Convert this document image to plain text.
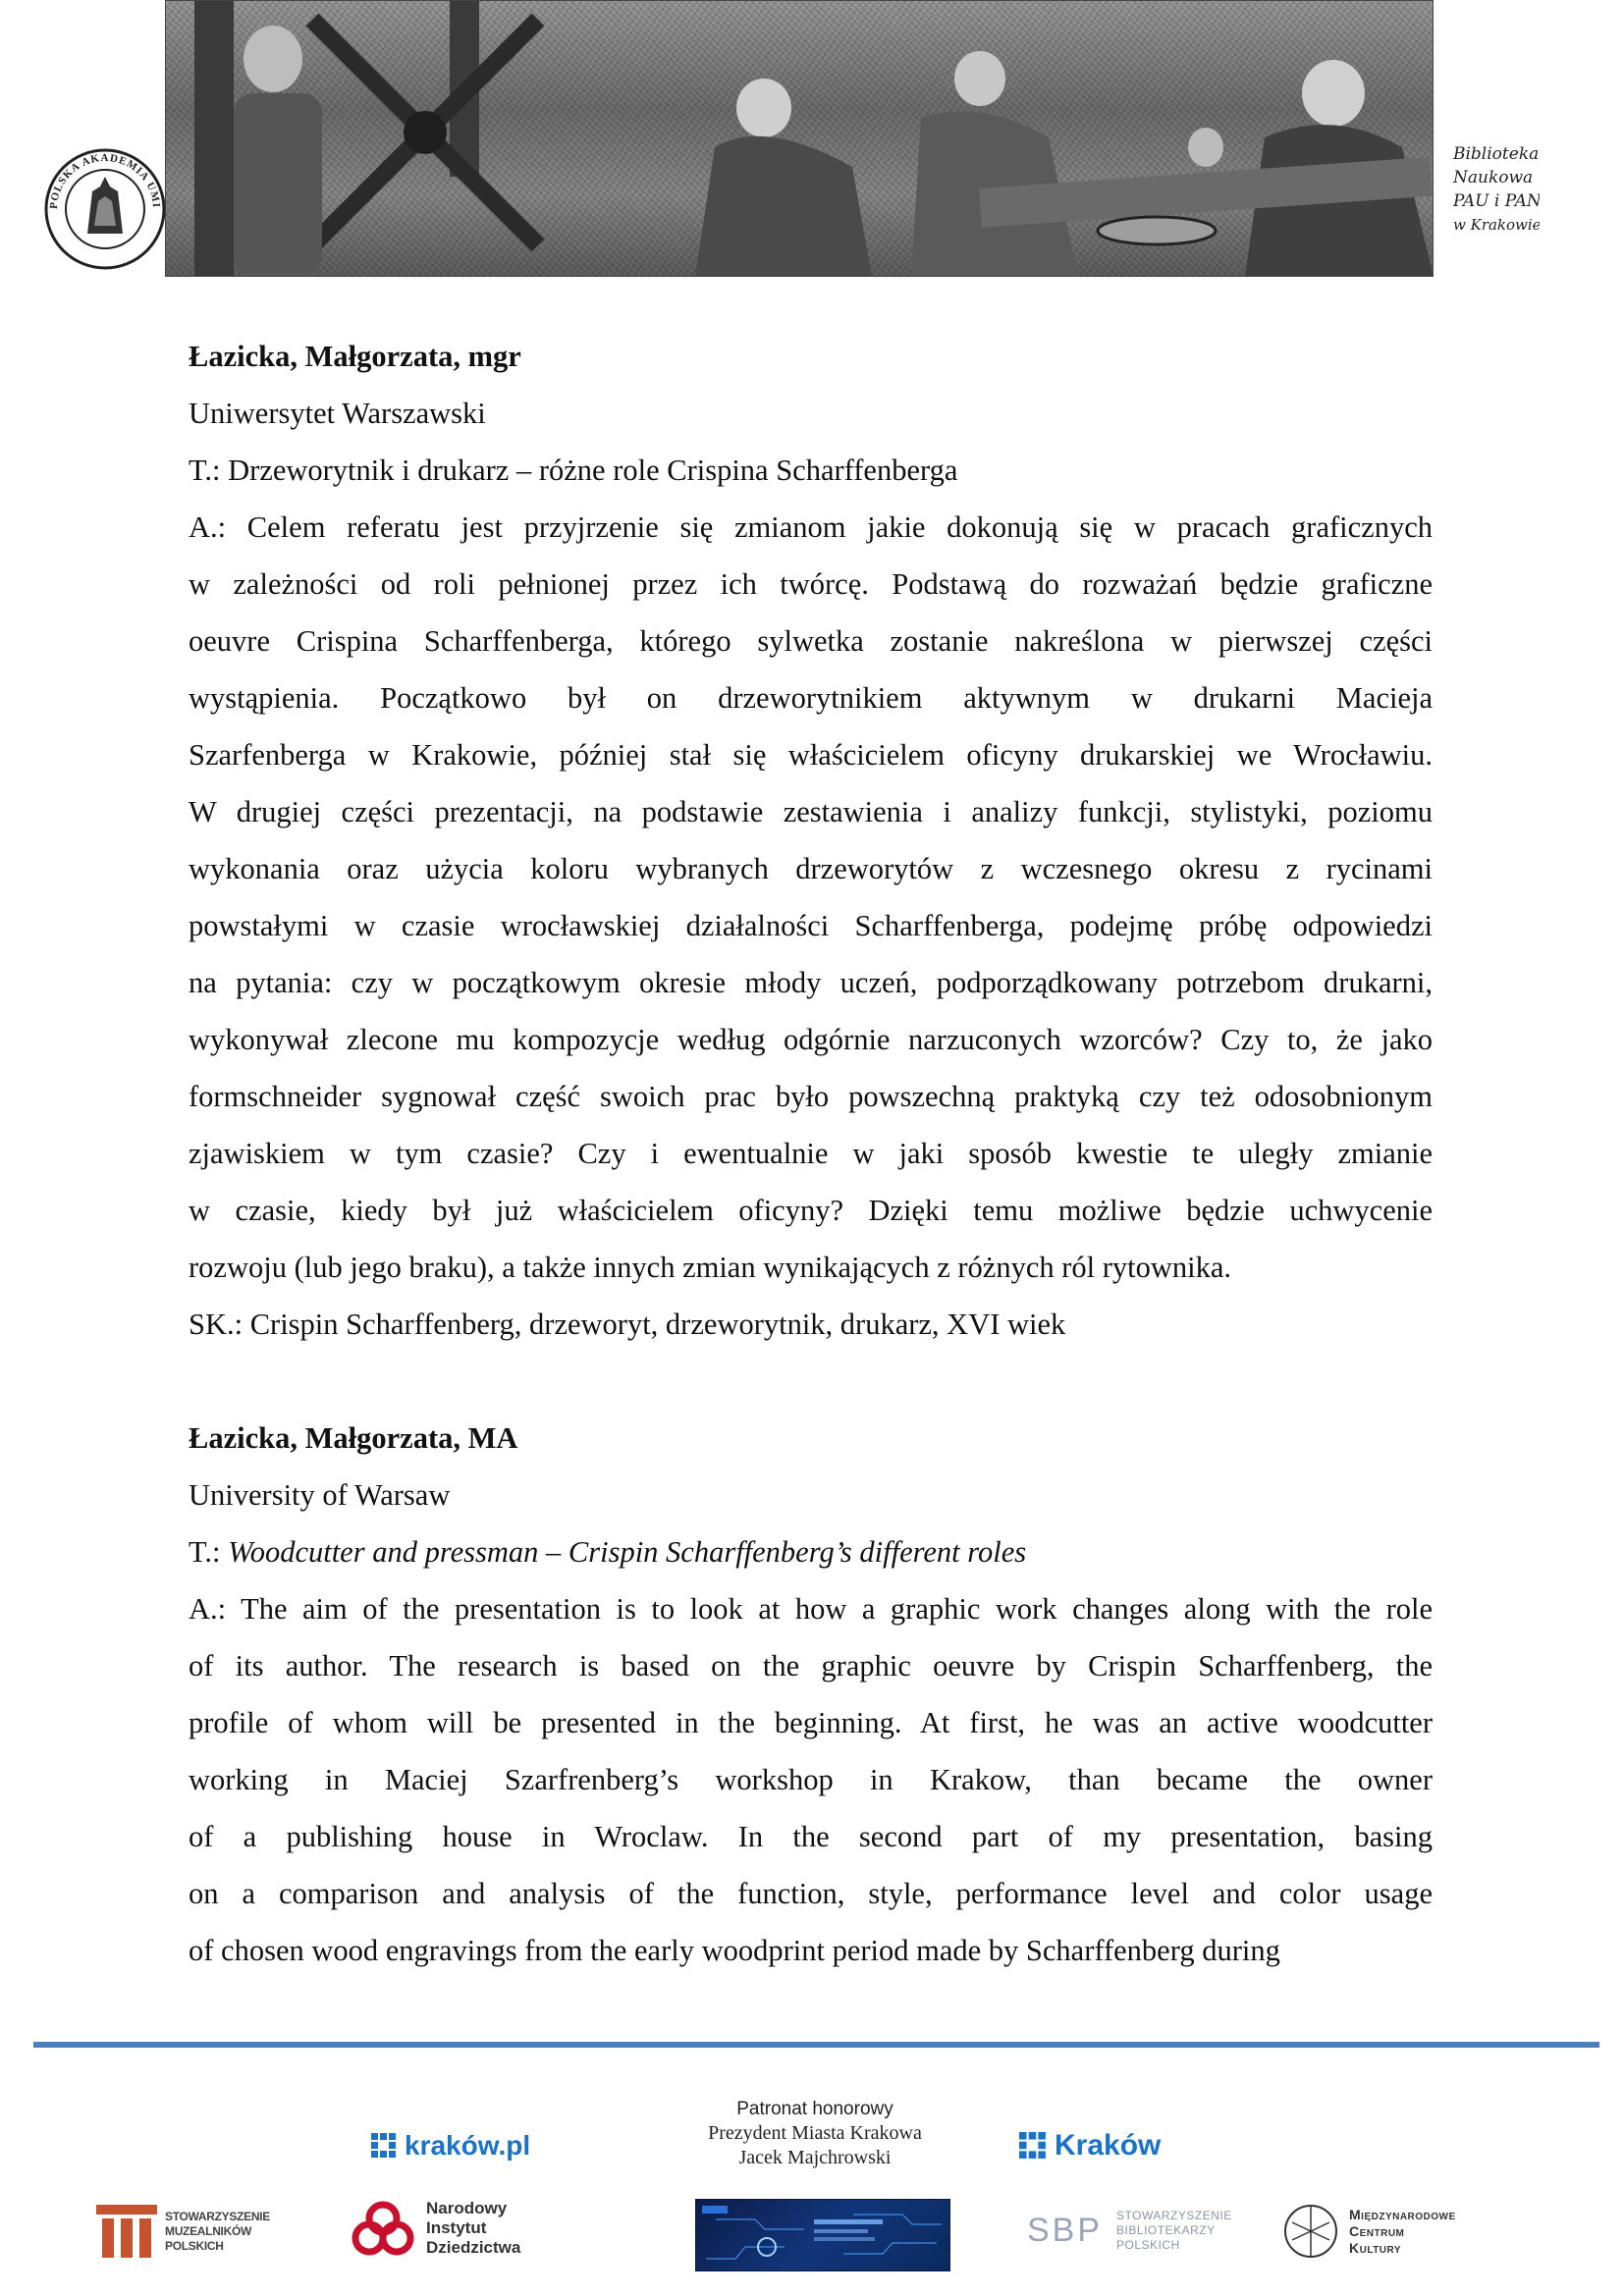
POLSKA AKADEMIA UMI
Biblioteka
Naukowa
PAU i PAN
w Krakowie

Łazicka, Małgorzata, mgr

Uniwersytet Warszawski

T.: Drzeworytnik i drukarz – różne role Crispina Scharffenberga

A.: Celem referatu jest przyjrzenie się zmianom jakie dokonują się w pracach graficznych

w zależności od roli pełnionej przez ich twórcę. Podstawą do rozważań będzie graficzne

oeuvre Crispina Scharffenberga, którego sylwetka zostanie nakreślona w pierwszej części

wystąpienia. Początkowo był on drzeworytnikiem aktywnym w drukarni Macieja

Szarfenberga w Krakowie, później stał się właścicielem oficyny drukarskiej we Wrocławiu.

W drugiej części prezentacji, na podstawie zestawienia i analizy funkcji, stylistyki, poziomu

wykonania oraz użycia koloru wybranych drzeworytów z wczesnego okresu z rycinami

powstałymi w czasie wrocławskiej działalności Scharffenberga, podejmę próbę odpowiedzi

na pytania: czy w początkowym okresie młody uczeń, podporządkowany potrzebom drukarni,

wykonywał zlecone mu kompozycje według odgórnie narzuconych wzorców? Czy to, że jako

formschneider sygnował część swoich prac było powszechną praktyką czy też odosobnionym

zjawiskiem w tym czasie? Czy i ewentualnie w jaki sposób kwestie te uległy zmianie

w czasie, kiedy był już właścicielem oficyny? Dzięki temu możliwe będzie uchwycenie

rozwoju (lub jego braku), a także innych zmian wynikających z różnych ról rytownika.

SK.: Crispin Scharffenberg, drzeworyt, drzeworytnik, drukarz, XVI wiek

Łazicka, Małgorzata, MA

University of Warsaw

T.: Woodcutter and pressman – Crispin Scharffenberg’s different roles

A.: The aim of the presentation is to look at how a graphic work changes along with the role

of its author. The research is based on the graphic oeuvre by Crispin Scharffenberg, the

profile of whom will be presented in the beginning. At first, he was an active woodcutter

working in Maciej Szarfrenberg’s workshop in Krakow, than became the owner

of a publishing house in Wroclaw. In the second part of my presentation, basing

on a comparison and analysis of the function, style, performance level and color usage

of chosen wood engravings from the early woodprint period made by Scharffenberg during

Patronat honorowy
Prezydent Miasta Krakowa
Jacek Majchrowski
kraków.pl	Kraków
STOWARZYSZENIE
MUZEALNIKÓW
POLSKICH
Narodowy
Instytut
Dziedzictwa	SBP STOWARZYSZENIE
BIBLIOTEKARZY
POLSKICH
Międzynarodowe
Centrum
Kultury
